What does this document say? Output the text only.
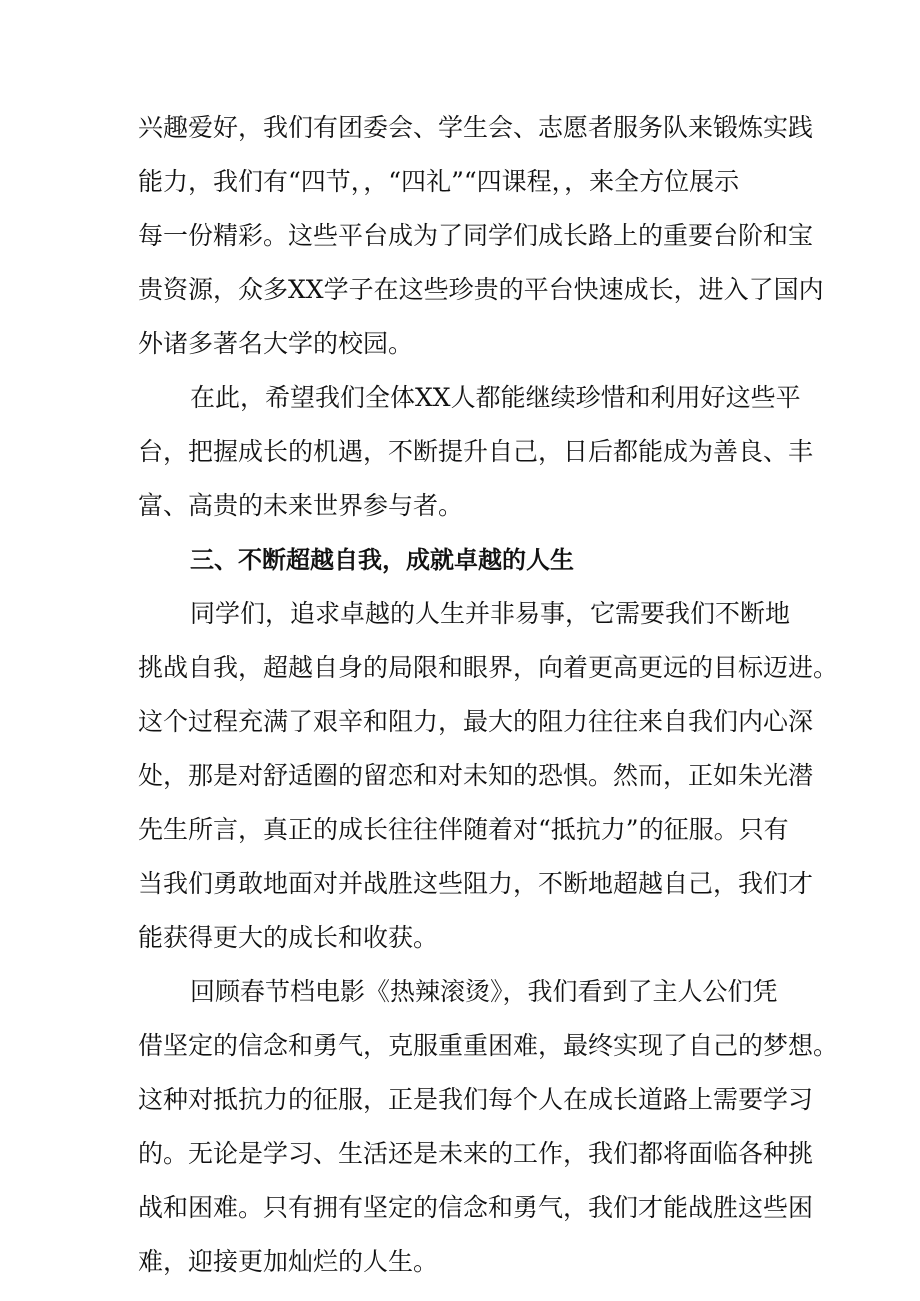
兴趣爱好，我们有团委会、学生会、志愿者服务队来锻炼实践
能力，我们有“四节，，“四礼”“四课程，，来全方位展示
每一份精彩。这些平台成为了同学们成长路上的重要台阶和宝
贵资源，众多XX学子在这些珍贵的平台快速成长，进入了国内
外诸多著名大学的校园。
在此，希望我们全体XX人都能继续珍惜和利用好这些平
台，把握成长的机遇，不断提升自己，日后都能成为善良、丰
富、高贵的未来世界参与者。
三、不断超越自我，成就卓越的人生
同学们，追求卓越的人生并非易事，它需要我们不断地
挑战自我，超越自身的局限和眼界，向着更高更远的目标迈进。
这个过程充满了艰辛和阻力，最大的阻力往往来自我们内心深
处，那是对舒适圈的留恋和对未知的恐惧。然而，正如朱光潜
先生所言，真正的成长往往伴随着对“抵抗力”的征服。只有
当我们勇敢地面对并战胜这些阻力，不断地超越自己，我们才
能获得更大的成长和收获。
回顾春节档电影《热辣滚烫》，我们看到了主人公们凭
借坚定的信念和勇气，克服重重困难，最终实现了自己的梦想。
这种对抵抗力的征服，正是我们每个人在成长道路上需要学习
的。无论是学习、生活还是未来的工作，我们都将面临各种挑
战和困难。只有拥有坚定的信念和勇气，我们才能战胜这些困
难，迎接更加灿烂的人生。
